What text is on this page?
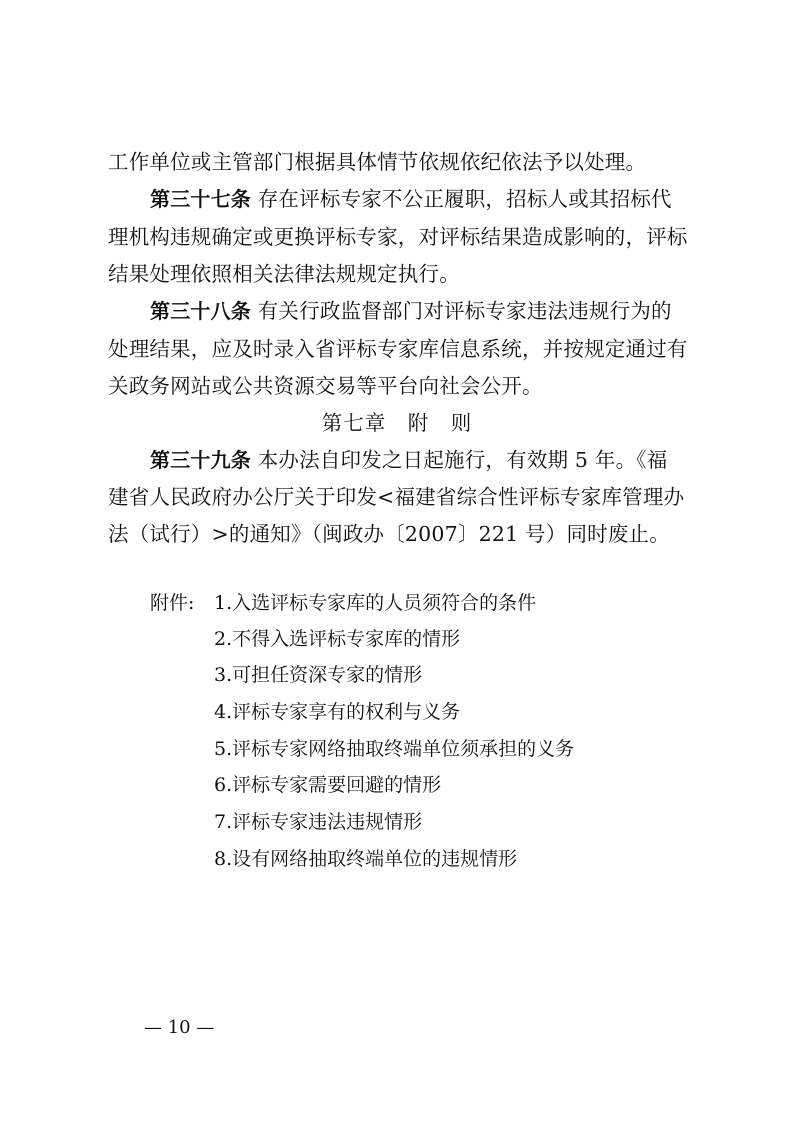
工作单位或主管部门根据具体情节依规依纪依法予以处理。
第三十七条 存在评标专家不公正履职，招标人或其招标代
理机构违规确定或更换评标专家，对评标结果造成影响的，评标
结果处理依照相关法律法规规定执行。
第三十八条 有关行政监督部门对评标专家违法违规行为的
处理结果，应及时录入省评标专家库信息系统，并按规定通过有
关政务网站或公共资源交易等平台向社会公开。
第七章　附　则
第三十九条 本办法自印发之日起施行，有效期 5 年。《福
建省人民政府办公厅关于印发<福建省综合性评标专家库管理办
法（试行）>的通知》（闽政办〔2007〕221 号）同时废止。
附件: 1.入选评标专家库的人员须符合的条件
2.不得入选评标专家库的情形
3.可担任资深专家的情形
4.评标专家享有的权利与义务
5.评标专家网络抽取终端单位须承担的义务
6.评标专家需要回避的情形
7.评标专家违法违规情形
8.设有网络抽取终端单位的违规情形
— 10 —
